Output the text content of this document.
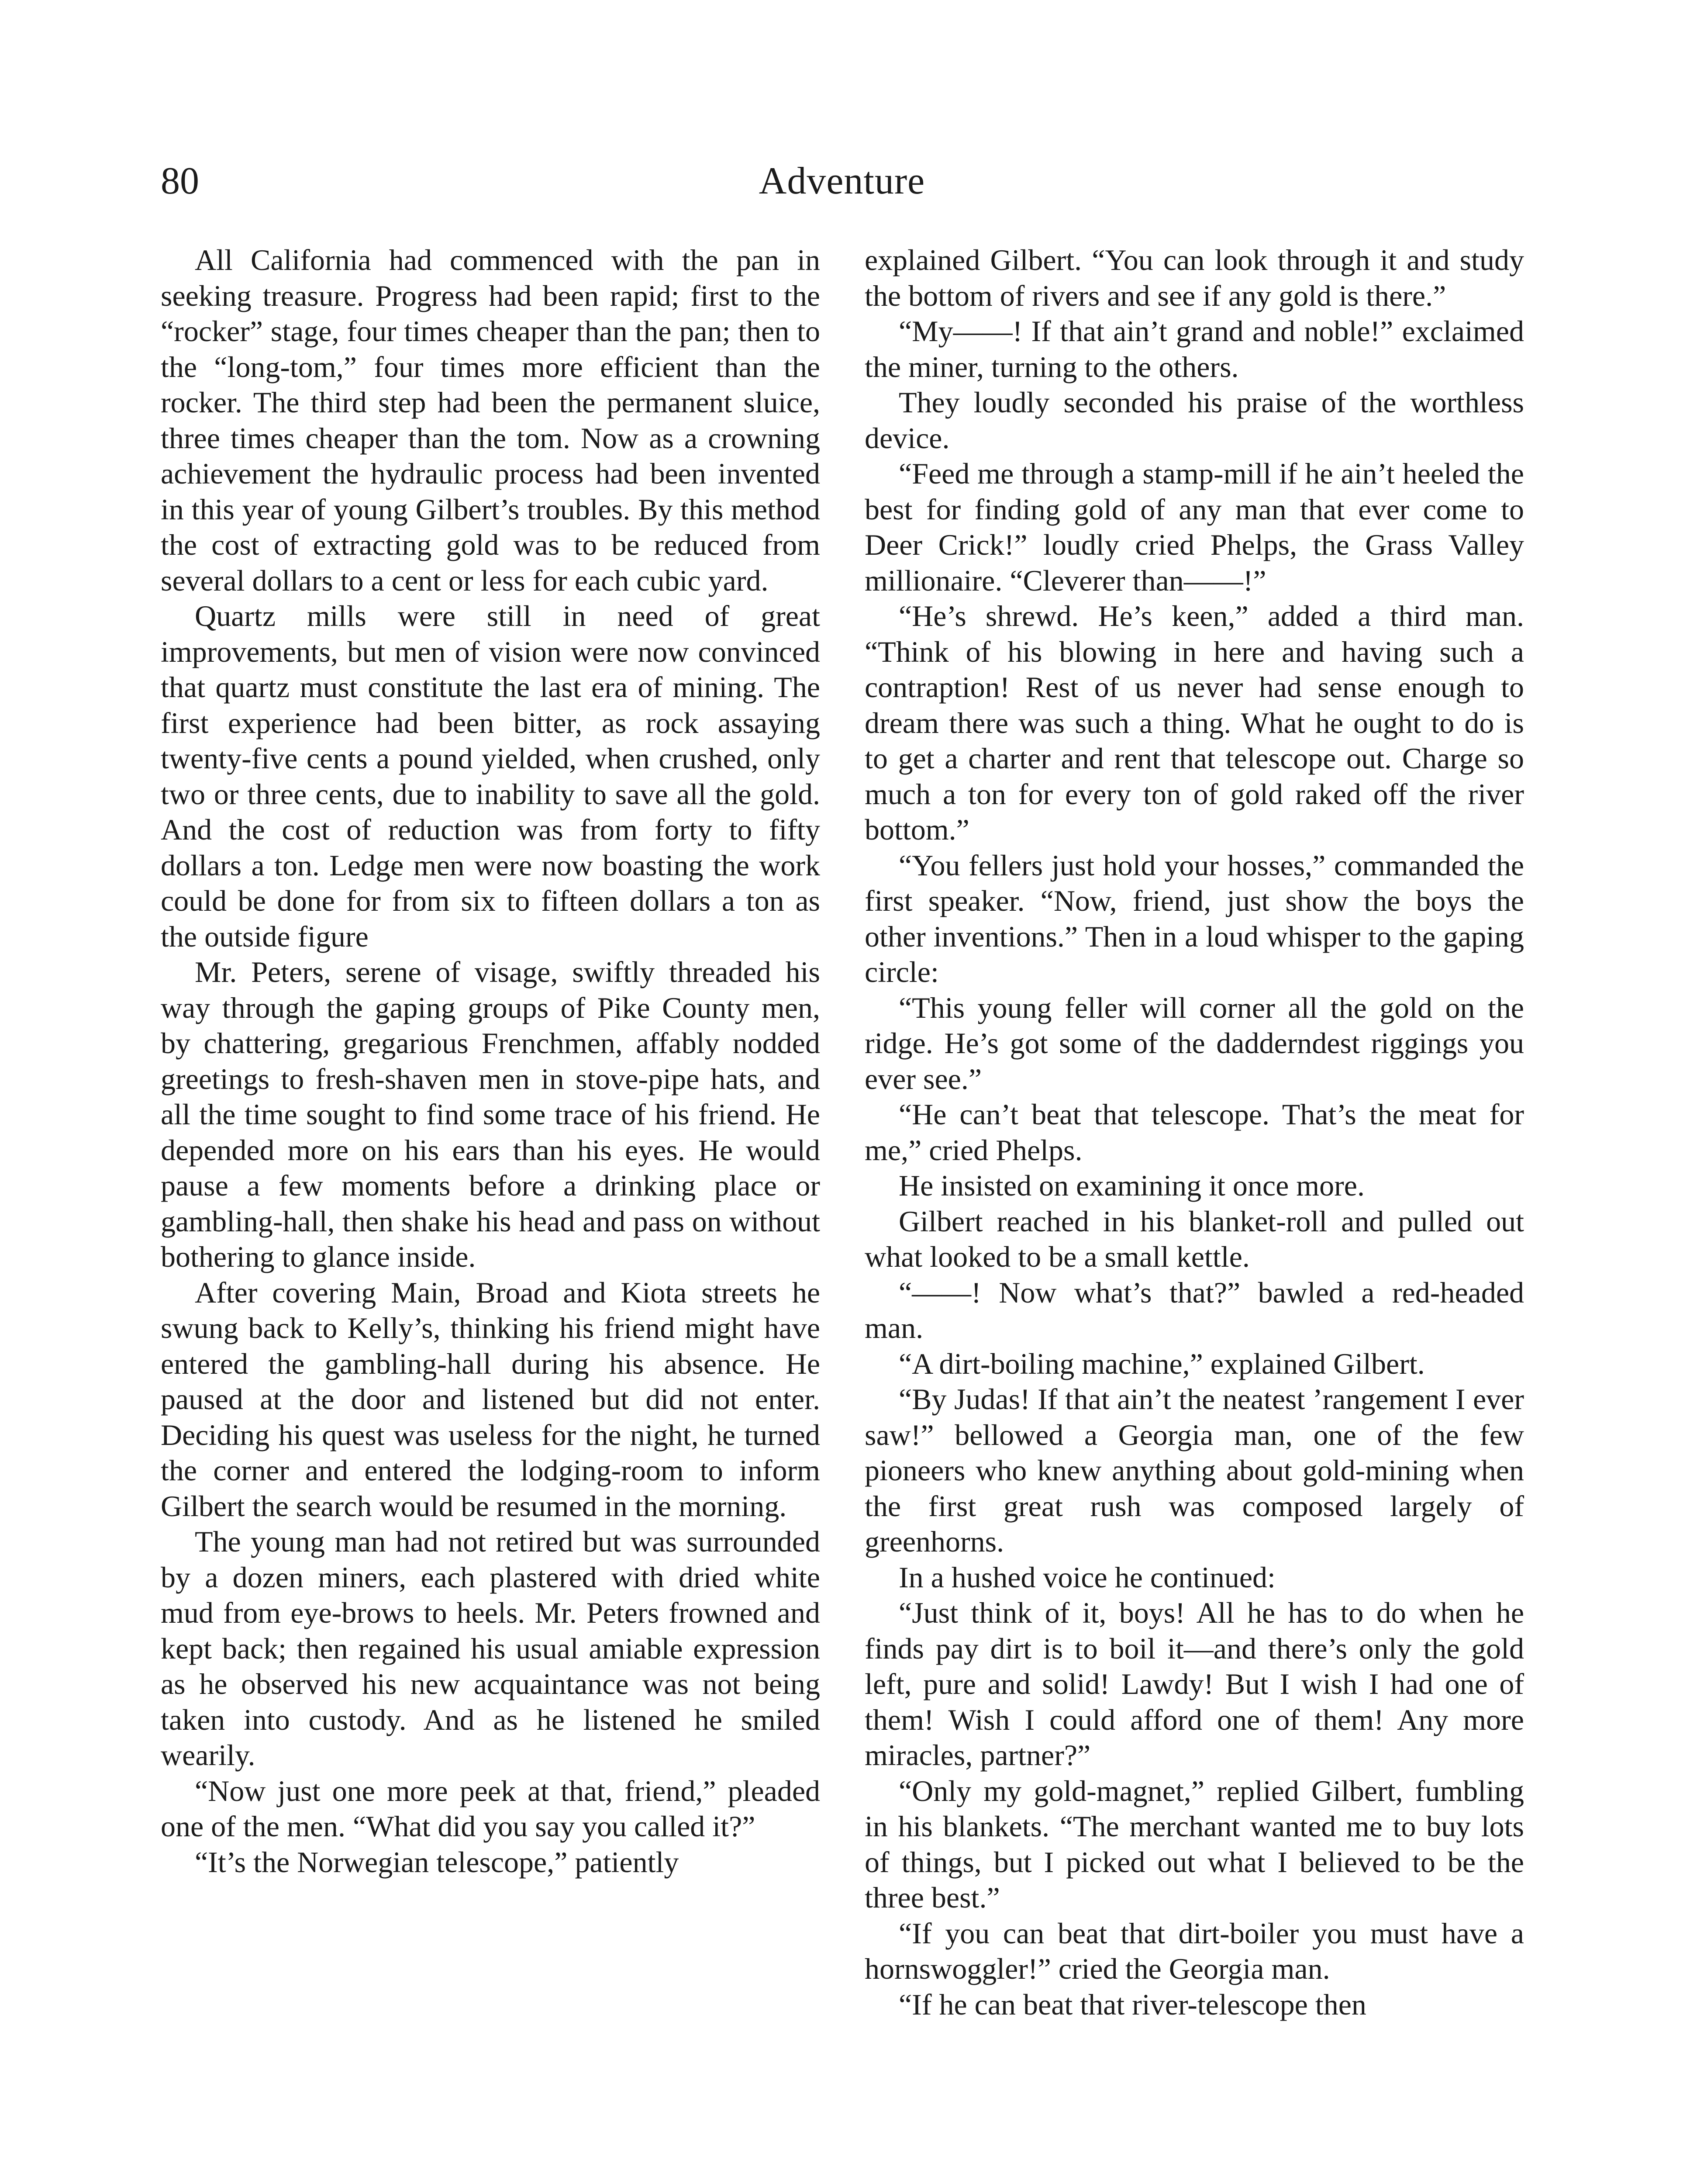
80	Adventure

All California had commenced with the pan in seeking treasure. Progress had been rapid; first to the “rocker” stage, four times cheaper than the pan; then to the “long-tom,” four times more efficient than the rocker. The third step had been the permanent sluice, three times cheaper than the tom. Now as a crowning achievement the hydraulic process had been invented in this year of young Gilbert’s troubles. By this method the cost of extracting gold was to be reduced from several dollars to a cent or less for each cubic yard.

Quartz mills were still in need of great improvements, but men of vision were now convinced that quartz must constitute the last era of mining. The first experience had been bitter, as rock assaying twenty-five cents a pound yielded, when crushed, only two or three cents, due to inability to save all the gold. And the cost of reduction was from forty to fifty dollars a ton. Ledge men were now boasting the work could be done for from six to fifteen dollars a ton as the outside figure

Mr. Peters, serene of visage, swiftly threaded his way through the gaping groups of Pike County men, by chattering, gregarious Frenchmen, affably nodded greetings to fresh-shaven men in stove-pipe hats, and all the time sought to find some trace of his friend. He depended more on his ears than his eyes. He would pause a few moments before a drinking place or gambling-hall, then shake his head and pass on without bothering to glance inside.

After covering Main, Broad and Kiota streets he swung back to Kelly’s, thinking his friend might have entered the gambling-hall during his absence. He paused at the door and listened but did not enter. Deciding his quest was useless for the night, he turned the corner and entered the lodging-room to inform Gilbert the search would be resumed in the morning.

The young man had not retired but was surrounded by a dozen miners, each plastered with dried white mud from eye-brows to heels. Mr. Peters frowned and kept back; then regained his usual amiable expression as he observed his new acquaintance was not being taken into custody. And as he listened he smiled wearily.

“Now just one more peek at that, friend,” pleaded one of the men. “What did you say you called it?”

“It’s the Norwegian telescope,” patiently

explained Gilbert. “You can look through it and study the bottom of rivers and see if any gold is there.”

“My——! If that ain’t grand and noble!” exclaimed the miner, turning to the others.

They loudly seconded his praise of the worthless device.

“Feed me through a stamp-mill if he ain’t heeled the best for finding gold of any man that ever come to Deer Crick!” loudly cried Phelps, the Grass Valley millionaire. “Cleverer than——!”

“He’s shrewd. He’s keen,” added a third man. “Think of his blowing in here and having such a contraption! Rest of us never had sense enough to dream there was such a thing. What he ought to do is to get a charter and rent that telescope out. Charge so much a ton for every ton of gold raked off the river bottom.”

“You fellers just hold your hosses,” commanded the first speaker. “Now, friend, just show the boys the other inventions.” Then in a loud whisper to the gaping circle:

“This young feller will corner all the gold on the ridge. He’s got some of the dadderndest riggings you ever see.”

“He can’t beat that telescope. That’s the meat for me,” cried Phelps.

He insisted on examining it once more.

Gilbert reached in his blanket-roll and pulled out what looked to be a small kettle.

“——! Now what’s that?” bawled a red-headed man.

“A dirt-boiling machine,” explained Gilbert.

“By Judas! If that ain’t the neatest ’rangement I ever saw!” bellowed a Georgia man, one of the few pioneers who knew anything about gold-mining when the first great rush was composed largely of greenhorns.

In a hushed voice he continued:

“Just think of it, boys! All he has to do when he finds pay dirt is to boil it—and there’s only the gold left, pure and solid! Lawdy! But I wish I had one of them! Wish I could afford one of them! Any more miracles, partner?”

“Only my gold-magnet,” replied Gilbert, fumbling in his blankets. “The merchant wanted me to buy lots of things, but I picked out what I believed to be the three best.”

“If you can beat that dirt-boiler you must have a hornswoggler!” cried the Georgia man.

“If he can beat that river-telescope then
